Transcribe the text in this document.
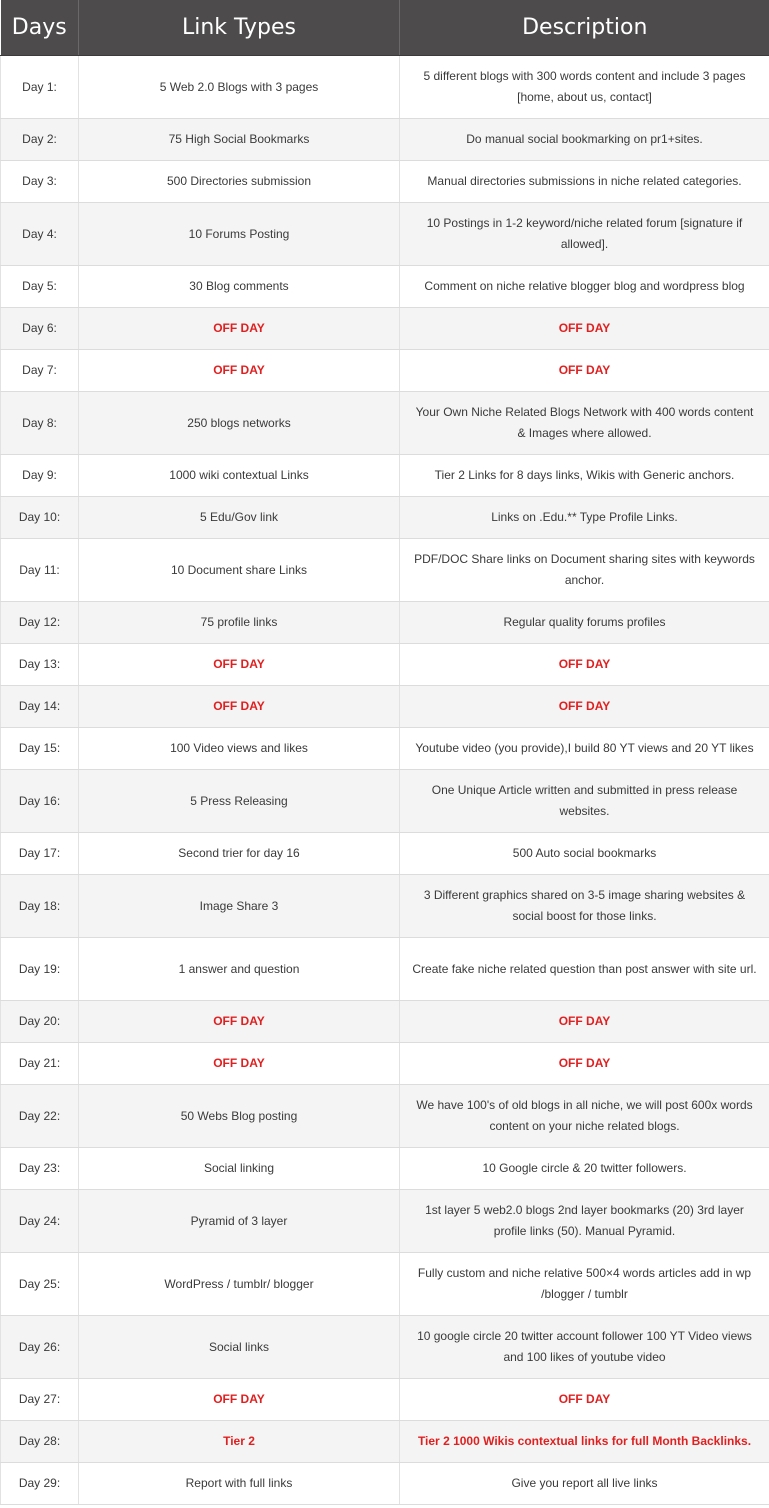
Days	Link Types	Description
Day 1:	5 Web 2.0 Blogs with 3 pages	5 different blogs with 300 words content and include 3 pages [home, about us, contact]
Day 2:	75 High Social Bookmarks	Do manual social bookmarking on pr1+sites.
Day 3:	500 Directories submission	Manual directories submissions in niche related categories.
Day 4:	10 Forums Posting	10 Postings in 1-2 keyword/niche related forum [signature if allowed].
Day 5:	30 Blog comments	Comment on niche relative blogger blog and wordpress blog
Day 6:	OFF DAY	OFF DAY
Day 7:	OFF DAY	OFF DAY
Day 8:	250 blogs networks	Your Own Niche Related Blogs Network with 400 words content & Images where allowed.
Day 9:	1000 wiki contextual Links	Tier 2 Links for 8 days links, Wikis with Generic anchors.
Day 10:	5 Edu/Gov link	Links on .Edu.** Type Profile Links.
Day 11:	10 Document share Links	PDF/DOC Share links on Document sharing sites with keywords anchor.
Day 12:	75 profile links	Regular quality forums profiles
Day 13:	OFF DAY	OFF DAY
Day 14:	OFF DAY	OFF DAY
Day 15:	100 Video views and likes	Youtube video (you provide),I build 80 YT views and 20 YT likes
Day 16:	5 Press Releasing	One Unique Article written and submitted in press release websites.
Day 17:	Second trier for day 16	500 Auto social bookmarks
Day 18:	Image Share 3	3 Different graphics shared on 3-5 image sharing websites & social boost for those links.
Day 19:	1 answer and question	Create fake niche related question than post answer with site url.
Day 20:	OFF DAY	OFF DAY
Day 21:	OFF DAY	OFF DAY
Day 22:	50 Webs Blog posting	We have 100's of old blogs in all niche, we will post 600x words content on your niche related blogs.
Day 23:	Social linking	10 Google circle & 20 twitter followers.
Day 24:	Pyramid of 3 layer	1st layer 5 web2.0 blogs 2nd layer bookmarks (20) 3rd layer profile links (50). Manual Pyramid.
Day 25:	WordPress / tumblr/ blogger	Fully custom and niche relative 500×4 words articles add in wp /blogger / tumblr
Day 26:	Social links	10 google circle 20 twitter account follower 100 YT Video views and 100 likes of youtube video
Day 27:	OFF DAY	OFF DAY
Day 28:	Tier 2	Tier 2 1000 Wikis contextual links for full Month Backlinks.
Day 29:	Report with full links	Give you report all live links
